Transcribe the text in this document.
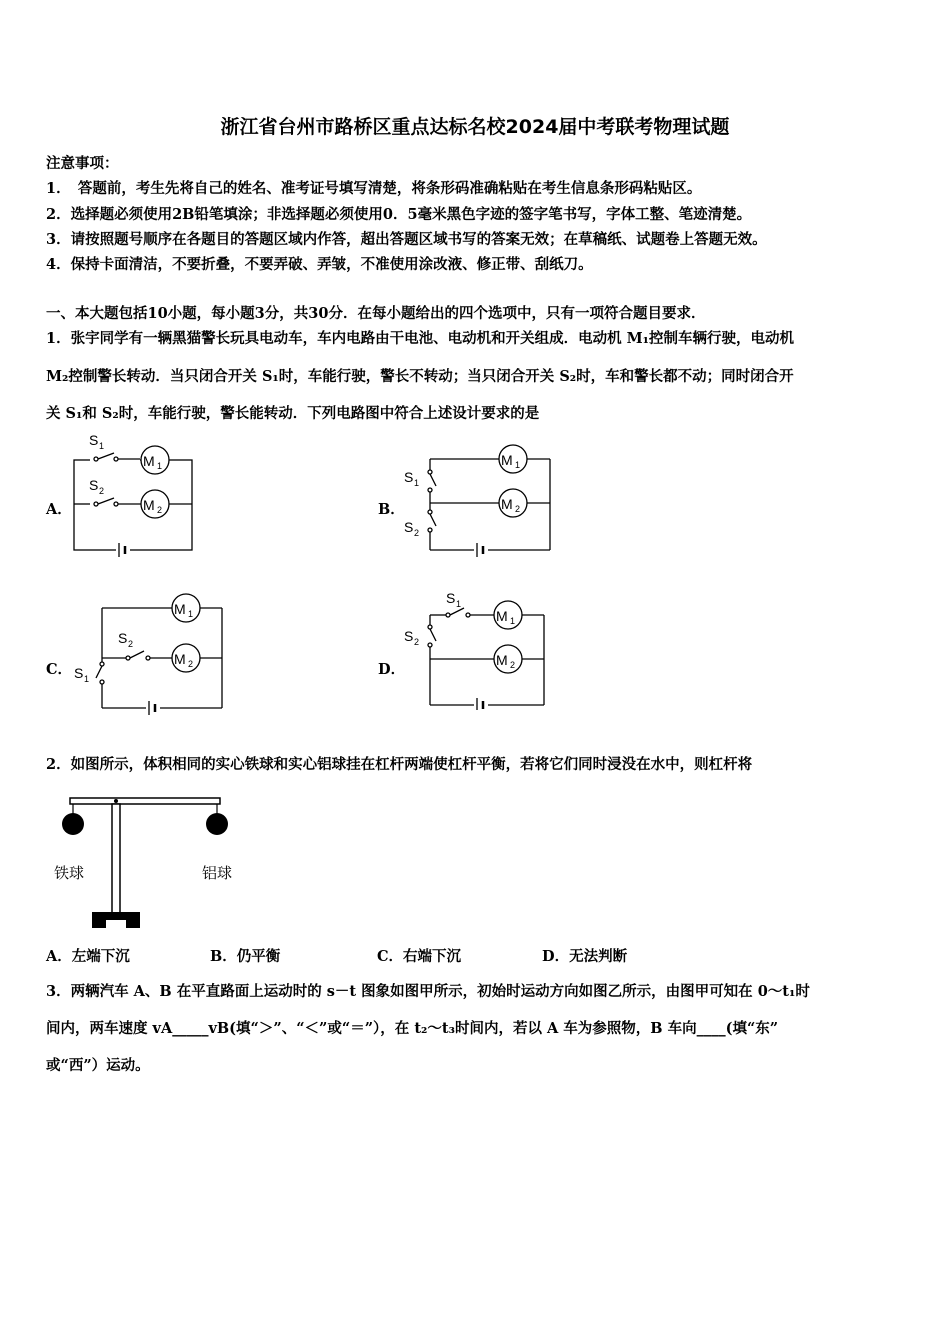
浙江省台州市路桥区重点达标名校2024届中考联考物理试题
注意事项：
1．　答题前，考生先将自己的姓名、准考证号填写清楚，将条形码准确粘贴在考生信息条形码粘贴区。
2．选择题必须使用2B铅笔填涂；非选择题必须使用0．5毫米黑色字迹的签字笔书写，字体工整、笔迹清楚。
3．请按照题号顺序在各题目的答题区域内作答，超出答题区域书写的答案无效；在草稿纸、试题卷上答题无效。
4．保持卡面清洁，不要折叠，不要弄破、弄皱，不准使用涂改液、修正带、刮纸刀。
一、本大题包括10小题，每小题3分，共30分．在每小题给出的四个选项中，只有一项符合题目要求．
1．张宇同学有一辆黑猫警长玩具电动车，车内电路由干电池、电动机和开关组成．电动机 M₁控制车辆行驶，电动机
M₂控制警长转动．当只闭合开关 S₁时，车能行驶，警长不转动；当只闭合开关 S₂时，车和警长都不动；同时闭合开
关 S₁和 S₂时，车能行驶，警长能转动．下列电路图中符合上述设计要求的是
A．	B．
C．	D．
M 1
S 1
M 2
S 2
M 1
M 2
S 1
S 2
M 1
M 2
S 2
S 1
M 1
M 2
S 1
S 2
2．如图所示，体积相同的实心铁球和实心铝球挂在杠杆两端使杠杆平衡，若将它们同时浸没在水中，则杠杆将
铁球	铝球
A．左端下沉	B．仍平衡	C．右端下沉	D．无法判断
3．两辆汽车 A、B 在平直路面上运动时的 s－t 图象如图甲所示，初始时运动方向如图乙所示，由图甲可知在 0～t₁时
间内，两车速度 vA_____vB(填“＞”、“＜”或“＝”），在 t₂～t₃时间内，若以 A 车为参照物，B 车向____(填“东”
或“西”）运动。
